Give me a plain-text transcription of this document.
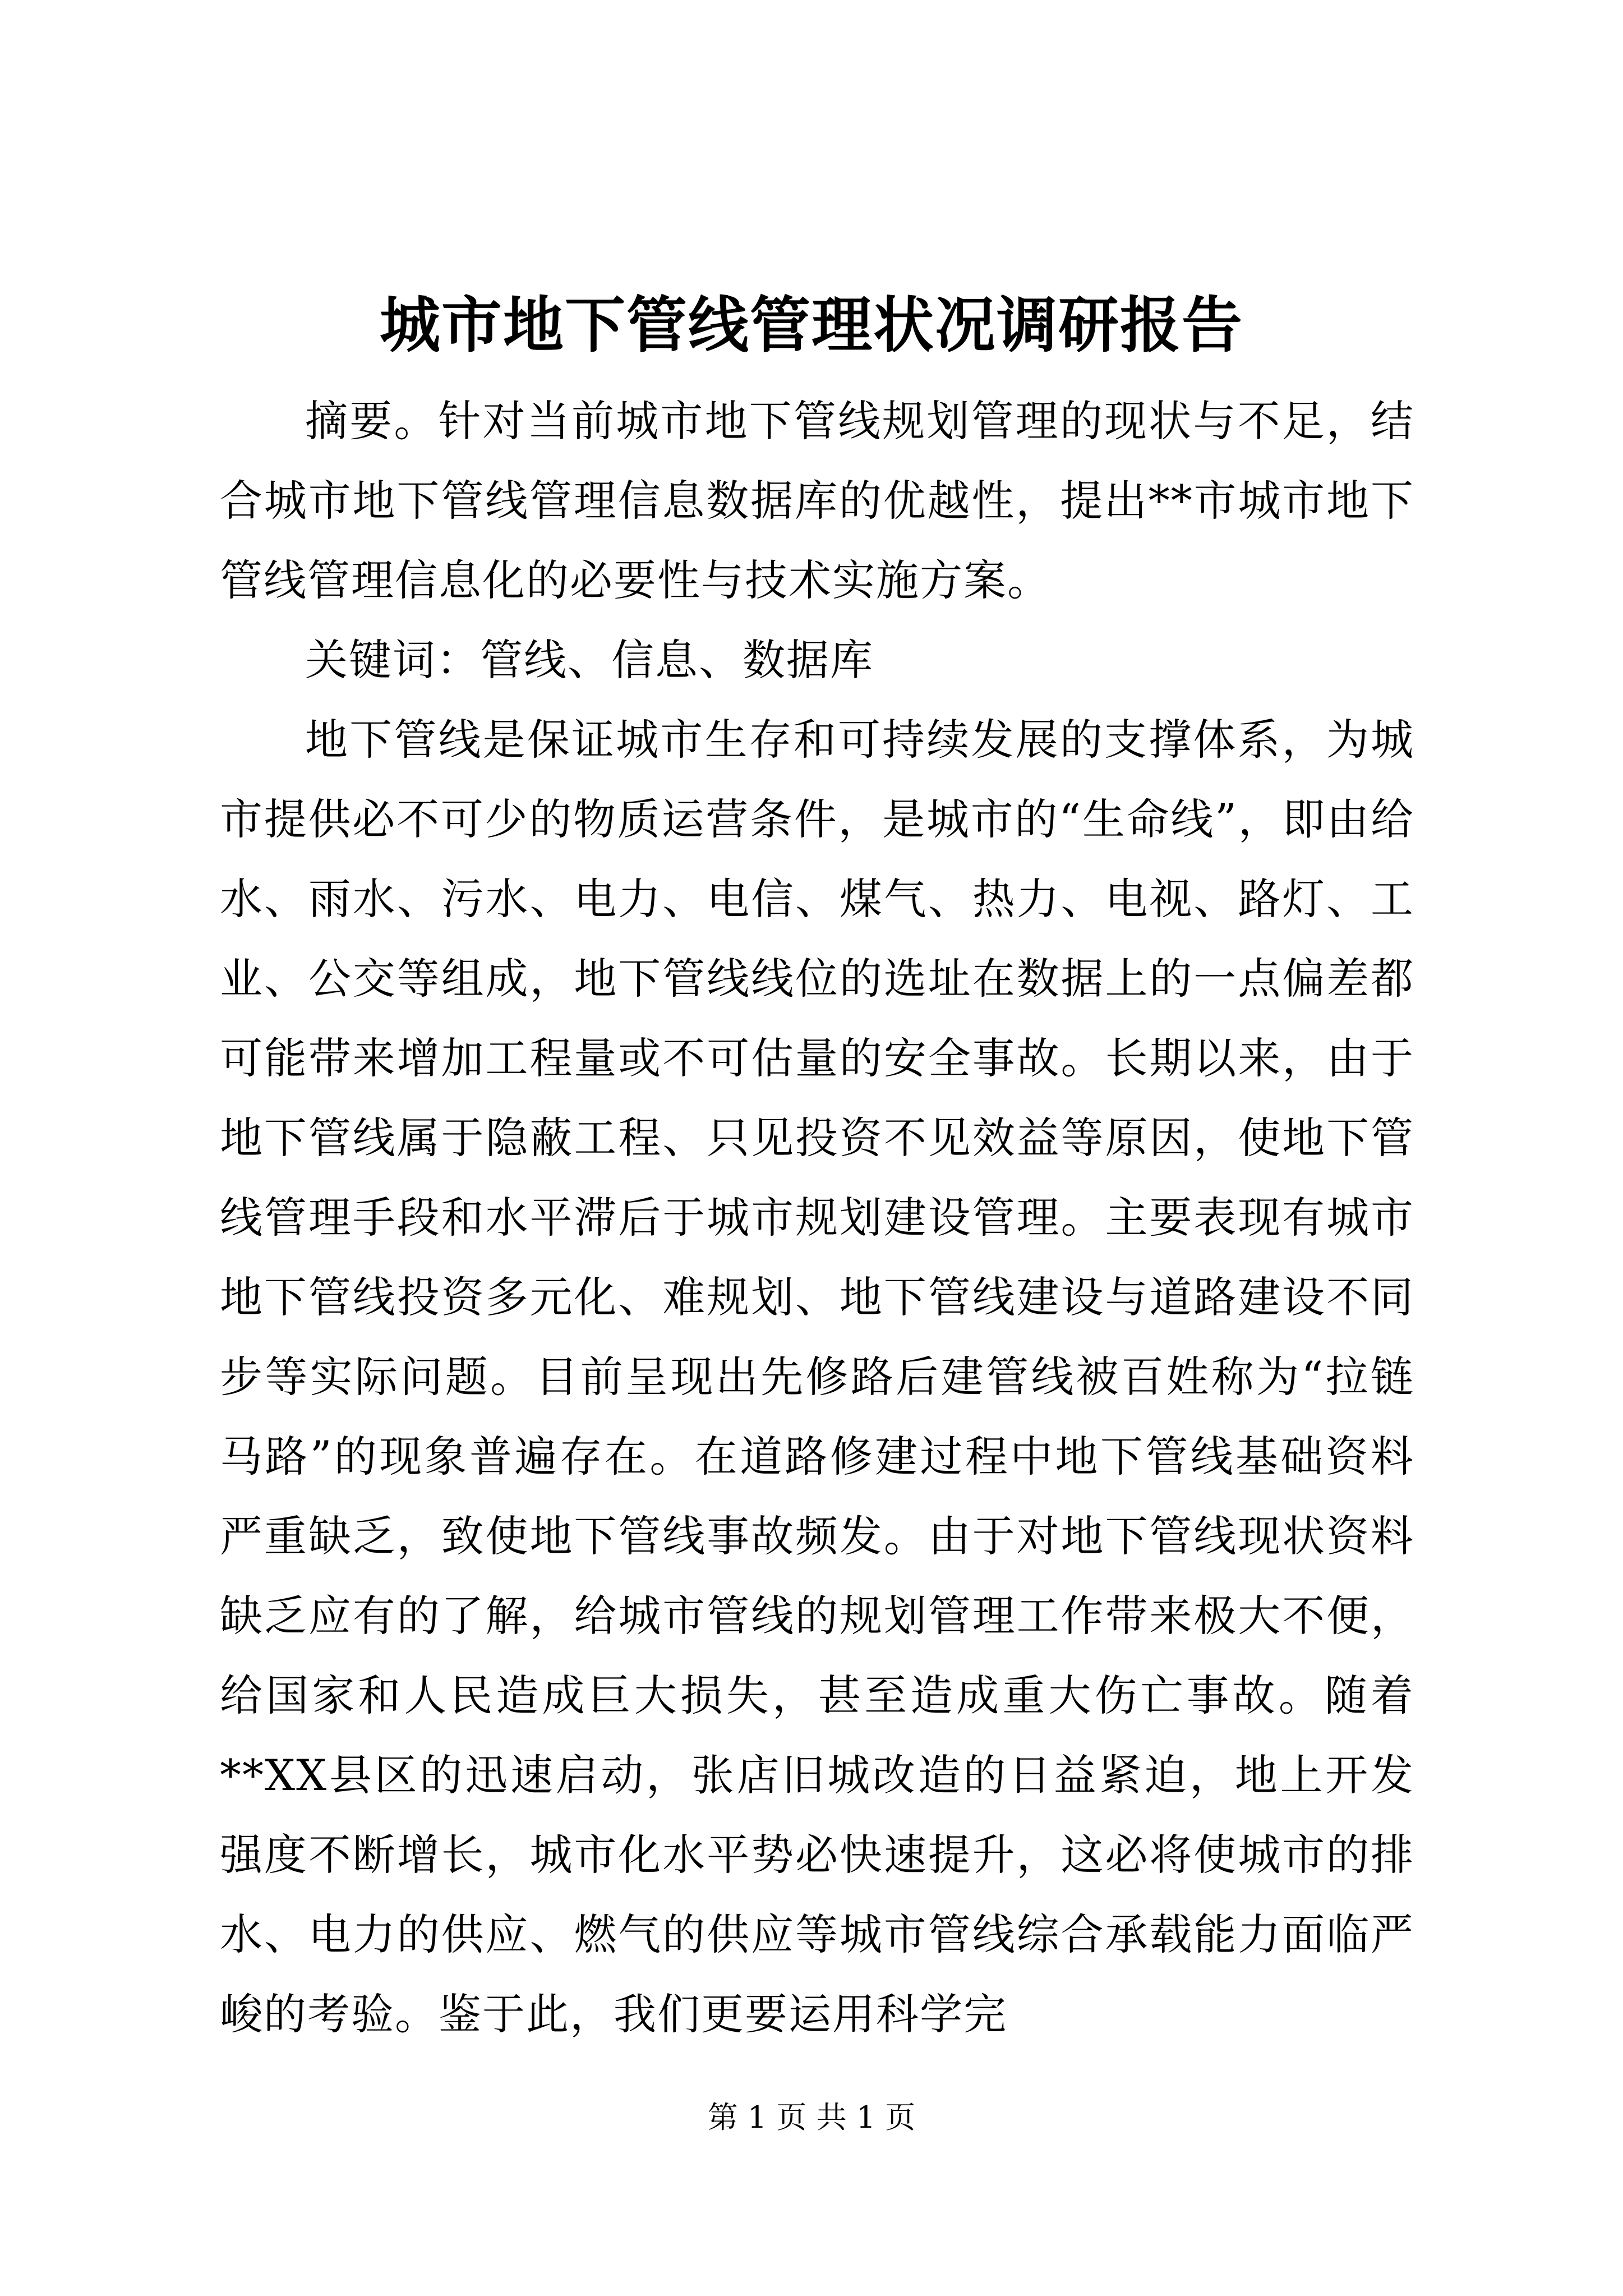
城市地下管线管理状况调研报告

摘要。针对当前城市地下管线规划管理的现状与不足，结合城市地下管线管理信息数据库的优越性，提出**市城市地下管线管理信息化的必要性与技术实施方案。

关键词：管线、信息、数据库

地下管线是保证城市生存和可持续发展的支撑体系，为城市提供必不可少的物质运营条件，是城市的“生命线”，即由给水、雨水、污水、电力、电信、煤气、热力、电视、路灯、工业、公交等组成，地下管线线位的选址在数据上的一点偏差都可能带来增加工程量或不可估量的安全事故。长期以来，由于地下管线属于隐蔽工程、只见投资不见效益等原因，使地下管线管理手段和水平滞后于城市规划建设管理。主要表现有城市地下管线投资多元化、难规划、地下管线建设与道路建设不同步等实际问题。目前呈现出先修路后建管线被百姓称为“拉链马路”的现象普遍存在。在道路修建过程中地下管线基础资料严重缺乏，致使地下管线事故频发。由于对地下管线现状资料缺乏应有的了解，给城市管线的规划管理工作带来极大不便，给国家和人民造成巨大损失，甚至造成重大伤亡事故。随着**XX县区的迅速启动，张店旧城改造的日益紧迫，地上开发强度不断增长，城市化水平势必快速提升，这必将使城市的排水、电力的供应、燃气的供应等城市管线综合承载能力面临严峻的考验。鉴于此，我们更要运用科学完

第 1 页 共 1 页
